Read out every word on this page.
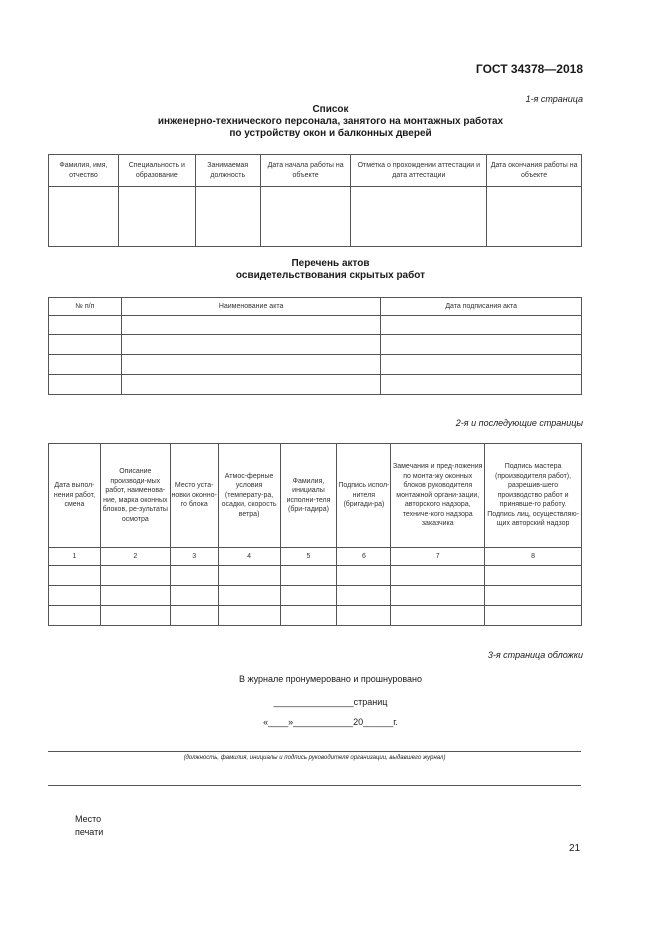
ГОСТ 34378—2018
1-я страница
Список
инженерно-технического персонала, занятого на монтажных работах
по устройству окон и балконных дверей
Фамилия, имя, отчество	Специальность и образование	Занимаемая должность	Дата начала работы на объекте	Отметка о прохождении аттестации и дата аттестации	Дата окончания работы на объекте

Перечень актов
освидетельствования скрытых работ
№ п/п	Наименование акта	Дата подписания акта

2-я и последующие страницы
Дата выпол-нения работ, смена	Описание производи-мых работ, наименова-ние, марка оконных блоков, ре-зультаты осмотра	Место уста-новки оконно-го блока	Атмос-ферные условия (температу-ра, осадки, скорость ветра)	Фамилия, инициалы исполни-теля (бри-гадира)	Подпись испол-нителя (бригади-ра)	Замечания и пред-ложения по монта-жу оконных блоков руководителя монтажной органи-зации, авторского надзора, техниче-кого надзора заказчика	Подпись мастера (производителя работ), разрешив-шего производство работ и принявше-го работу. Подпись лиц, осуществляю-щих авторский надзор
1	2	3	4	5	6	7	8

3-я страница обложки
В журнале пронумеровано и прошнуровано
________________страниц
«____»____________20______г.
(должность, фамилия, инициалы и подпись руководителя организации, выдавшего журнал)
Место
печати
21
